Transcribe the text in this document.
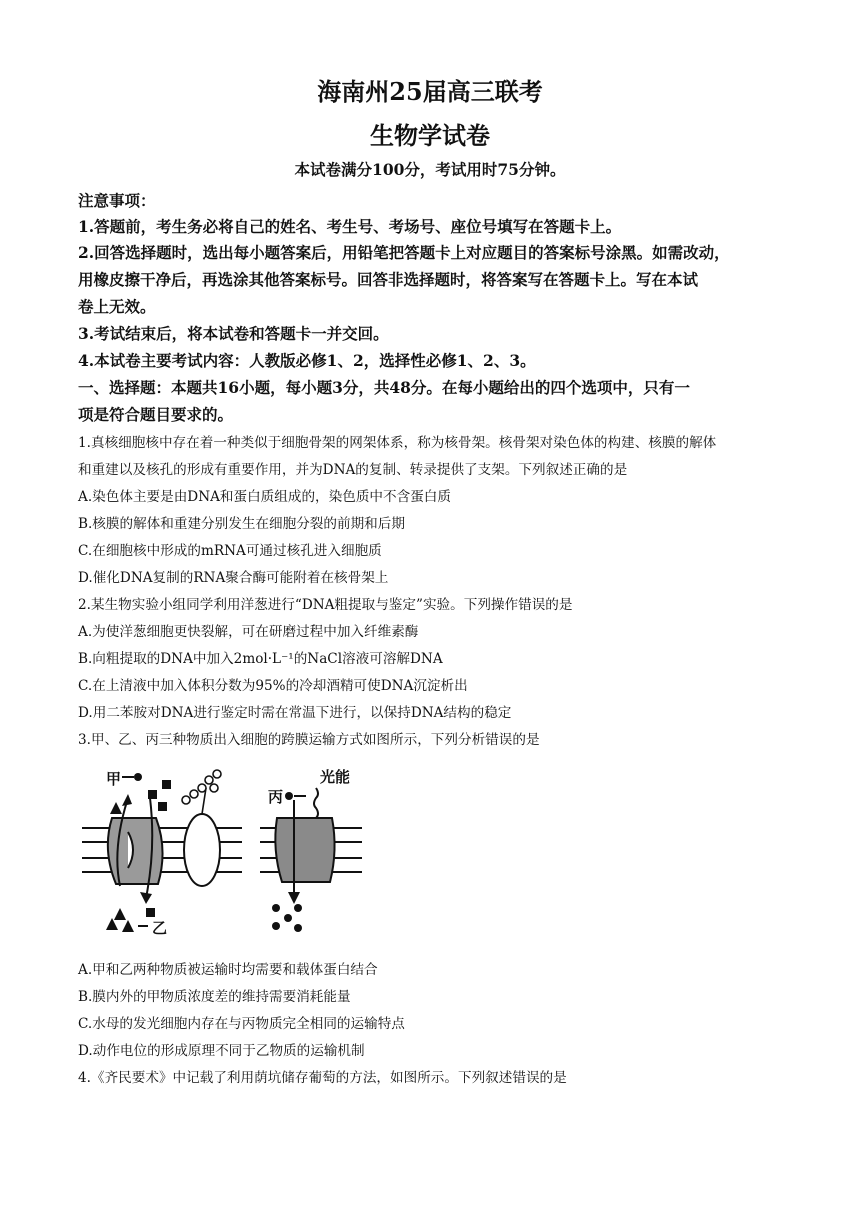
海南州25届高三联考
生物学试卷
本试卷满分100分，考试用时75分钟。
注意事项：
1.答题前，考生务必将自己的姓名、考生号、考场号、座位号填写在答题卡上。
2.回答选择题时，选出每小题答案后，用铅笔把答题卡上对应题目的答案标号涂黑。如需改动，
用橡皮擦干净后，再选涂其他答案标号。回答非选择题时，将答案写在答题卡上。写在本试
卷上无效。
3.考试结束后，将本试卷和答题卡一并交回。
4.本试卷主要考试内容：人教版必修1、2，选择性必修1、2、3。
一、选择题：本题共16小题，每小题3分，共48分。在每小题给出的四个选项中，只有一
项是符合题目要求的。
1.真核细胞核中存在着一种类似于细胞骨架的网架体系，称为核骨架。核骨架对染色体的构建、核膜的解体
和重建以及核孔的形成有重要作用，并为DNA的复制、转录提供了支架。下列叙述正确的是
A.染色体主要是由DNA和蛋白质组成的，染色质中不含蛋白质
B.核膜的解体和重建分别发生在细胞分裂的前期和后期
C.在细胞核中形成的mRNA可通过核孔进入细胞质
D.催化DNA复制的RNA聚合酶可能附着在核骨架上
2.某生物实验小组同学利用洋葱进行“DNA粗提取与鉴定”实验。下列操作错误的是
A.为使洋葱细胞更快裂解，可在研磨过程中加入纤维素酶
B.向粗提取的DNA中加入2mol·L⁻¹的NaCl溶液可溶解DNA
C.在上清液中加入体积分数为95%的冷却酒精可使DNA沉淀析出
D.用二苯胺对DNA进行鉴定时需在常温下进行，以保持DNA结构的稳定
3.甲、乙、丙三种物质出入细胞的跨膜运输方式如图所示，下列分析错误的是
甲
乙
丙
光能
A.甲和乙两种物质被运输时均需要和载体蛋白结合
B.膜内外的甲物质浓度差的维持需要消耗能量
C.水母的发光细胞内存在与丙物质完全相同的运输特点
D.动作电位的形成原理不同于乙物质的运输机制
4.《齐民要术》中记载了利用荫坑储存葡萄的方法，如图所示。下列叙述错误的是
